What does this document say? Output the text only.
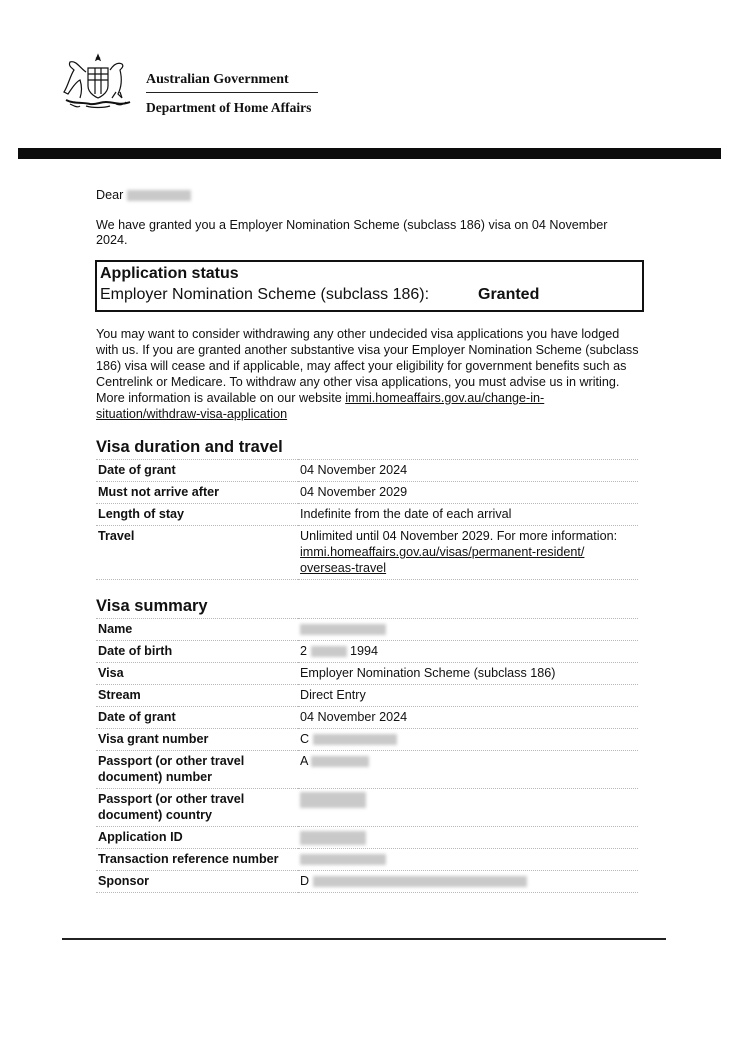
Australian Government
Department of Home Affairs

Dear

We have granted you a Employer Nomination Scheme (subclass 186) visa on 04 November 2024.

Application status
Employer Nomination Scheme (subclass 186):	Granted

You may want to consider withdrawing any other undecided visa applications you have lodged with us. If you are granted another substantive visa your Employer Nomination Scheme (subclass 186) visa will cease and if applicable, may affect your eligibility for government benefits such as Centrelink or Medicare. To withdraw any other visa applications, you must advise us in writing. More information is available on our website immi.homeaffairs.gov.au/change-in-situation/withdraw-visa-application

Visa duration and travel
Date of grant	04 November 2024
Must not arrive after	04 November 2029
Length of stay	Indefinite from the date of each arrival
Travel	Unlimited until 04 November 2029. For more information:
immi.homeaffairs.gov.au/visas/permanent-resident/
overseas-travel
Visa summary
Name	
Date of birth	2 1994
Visa	Employer Nomination Scheme (subclass 186)
Stream	Direct Entry
Date of grant	04 November 2024
Visa grant number	C
Passport (or other travel document) number	A
Passport (or other travel document) country	
Application ID	
Transaction reference number	
Sponsor	D
